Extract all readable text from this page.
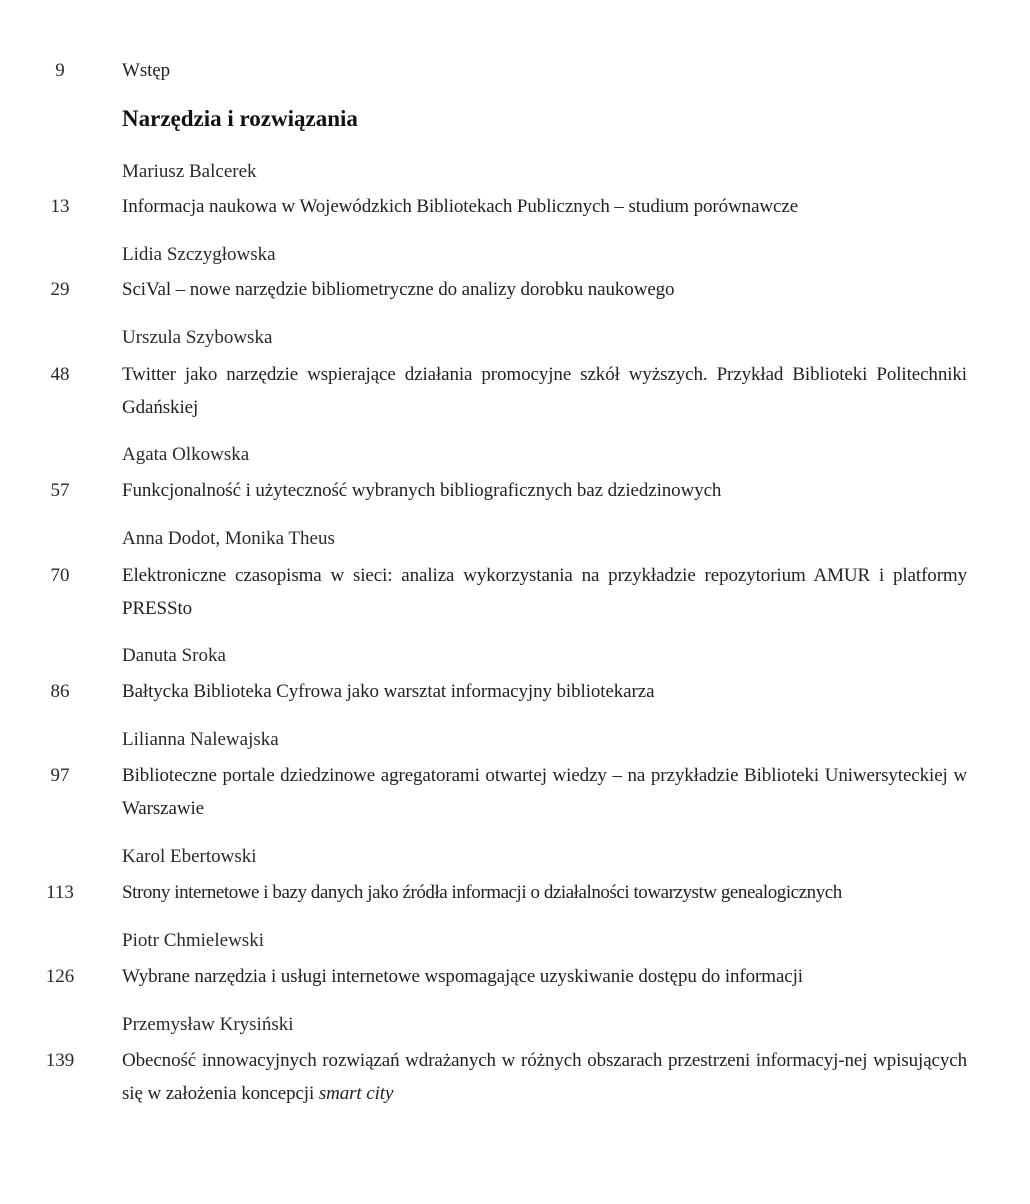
9	Wstęp
Narzędzia i rozwiązania
Mariusz Balcerek
13	Informacja naukowa w Wojewódzkich Bibliotekach Publicznych – studium porównawcze
Lidia Szczygłowska
29	SciVal – nowe narzędzie bibliometryczne do analizy dorobku naukowego
Urszula Szybowska
48	Twitter jako narzędzie wspierające działania promocyjne szkół wyższych. Przykład Biblioteki Politechniki Gdańskiej
Agata Olkowska
57	Funkcjonalność i użyteczność wybranych bibliograficznych baz dziedzinowych
Anna Dodot, Monika Theus
70	Elektroniczne czasopisma w sieci: analiza wykorzystania na przykładzie repozytorium AMUR i platformy PRESSto
Danuta Sroka
86	Bałtycka Biblioteka Cyfrowa jako warsztat informacyjny bibliotekarza
Lilianna Nalewajska
97	Biblioteczne portale dziedzinowe agregatorami otwartej wiedzy – na przykładzie Biblioteki Uniwersyteckiej w Warszawie
Karol Ebertowski
113	Strony internetowe i bazy danych jako źródła informacji o działalności towarzystw genealogicznych
Piotr Chmielewski
126	Wybrane narzędzia i usługi internetowe wspomagające uzyskiwanie dostępu do informacji
Przemysław Krysiński
139	Obecność innowacyjnych rozwiązań wdrażanych w różnych obszarach przestrzeni informacyj-nej wpisujących się w założenia koncepcji smart city
